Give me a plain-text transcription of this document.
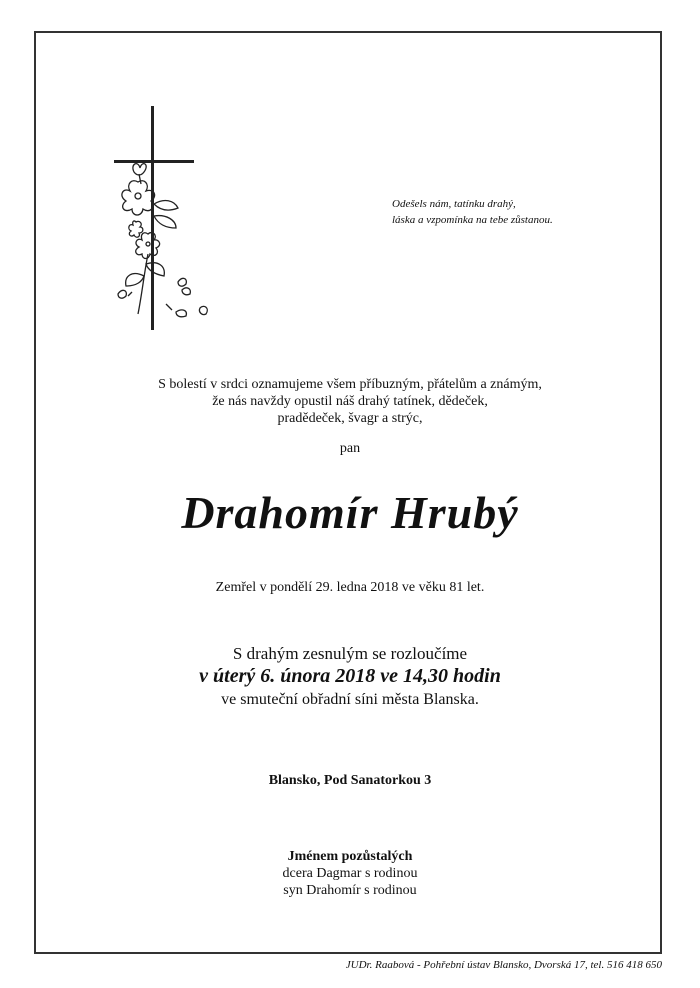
Odešels nám, tatínku drahý,
láska a vzpomínka na tebe zůstanou.
S bolestí v srdci oznamujeme všem příbuzným, přátelům a známým,
že nás navždy opustil náš drahý tatínek, dědeček,
pradědeček, švagr a strýc,
pan
Drahomír Hrubý
Zemřel v pondělí 29. ledna 2018 ve věku 81 let.
S drahým zesnulým se rozloučíme
v úterý 6. února 2018 ve 14,30 hodin
ve smuteční obřadní síni města Blanska.
Blansko, Pod Sanatorkou 3
Jménem pozůstalých
dcera Dagmar s rodinou
syn Drahomír s rodinou
JUDr. Raabová - Pohřební ústav Blansko, Dvorská 17, tel. 516 418 650
